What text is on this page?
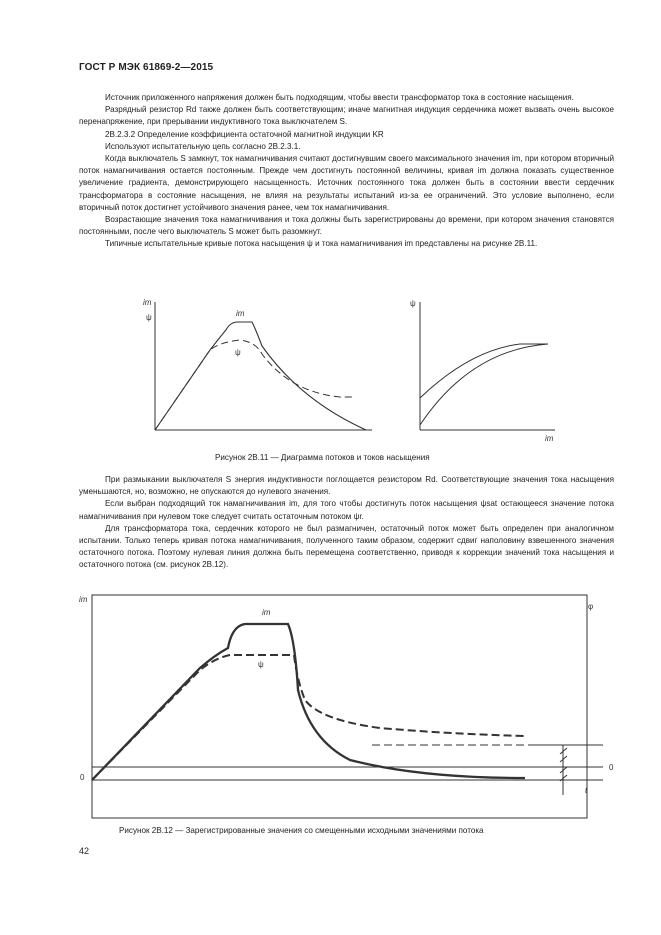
ГОСТ Р МЭК 61869-2—2015

Источник приложенного напряжения должен быть подходящим, чтобы ввести трансформатор тока в состояние насыщения.

Разрядный резистор Rd также должен быть соответствующим; иначе магнитная индукция сердечника может вызвать очень высокое перенапряжение, при прерывании индуктивного тока выключателем S.

2В.2.3.2 Определение коэффициента остаточной магнитной индукции KR

Используют испытательную цепь согласно 2В.2.3.1.

Когда выключатель S замкнут, ток намагничивания считают достигнувшим своего максимального значения im, при котором вторичный поток намагничивания остается постоянным. Прежде чем достигнуть постоянной величины, кривая im должна показать существенное увеличение градиента, демонстрирующего насыщенность. Источник постоянного тока должен быть в состоянии ввести сердечник трансформатора в состояние насыщения, не влияя на результаты испытаний из-за ее ограничений. Это условие выполнено, если вторичный поток достигнет устойчивого значения ранее, чем ток намагничивания.

Возрастающие значения тока намагничивания и тока должны быть зарегистрированы до времени, при котором значения становятся постоянными, после чего выключатель S может быть разомкнут.

Типичные испытательные кривые потока насыщения ψ и тока намагничивания im представлены на рисунке 2В.11.

im
ψ	im
ψ
ψ
im
im
0
0
φ
t
im
ψ
Рисунок 2В.11 — Диаграмма потоков и токов насыщения

При размыкании выключателя S энергия индуктивности поглощается резистором Rd. Соответствующие значения тока насыщения уменьшаются, но, возможно, не опускаются до нулевого значения.

Если выбран подходящий ток намагничивания im, для того чтобы достигнуть поток насыщения ψsat остающееся значение потока намагничивания при нулевом токе следует считать остаточным потоком ψr.

Для трансформатора тока, сердечник которого не был размагничен, остаточный поток может быть определен при аналогичном испытании. Только теперь кривая потока намагничивания, полученного таким образом, содержит сдвиг наполовину взвешенного значения остаточного потока. Поэтому нулевая линия должна быть перемещена соответственно, приводя к коррекции значений тока насыщения и остаточного потока (см. рисунок 2В.12).

Рисунок 2В.12 — Зарегистрированные значения со смещенными исходными значениями потока
42
